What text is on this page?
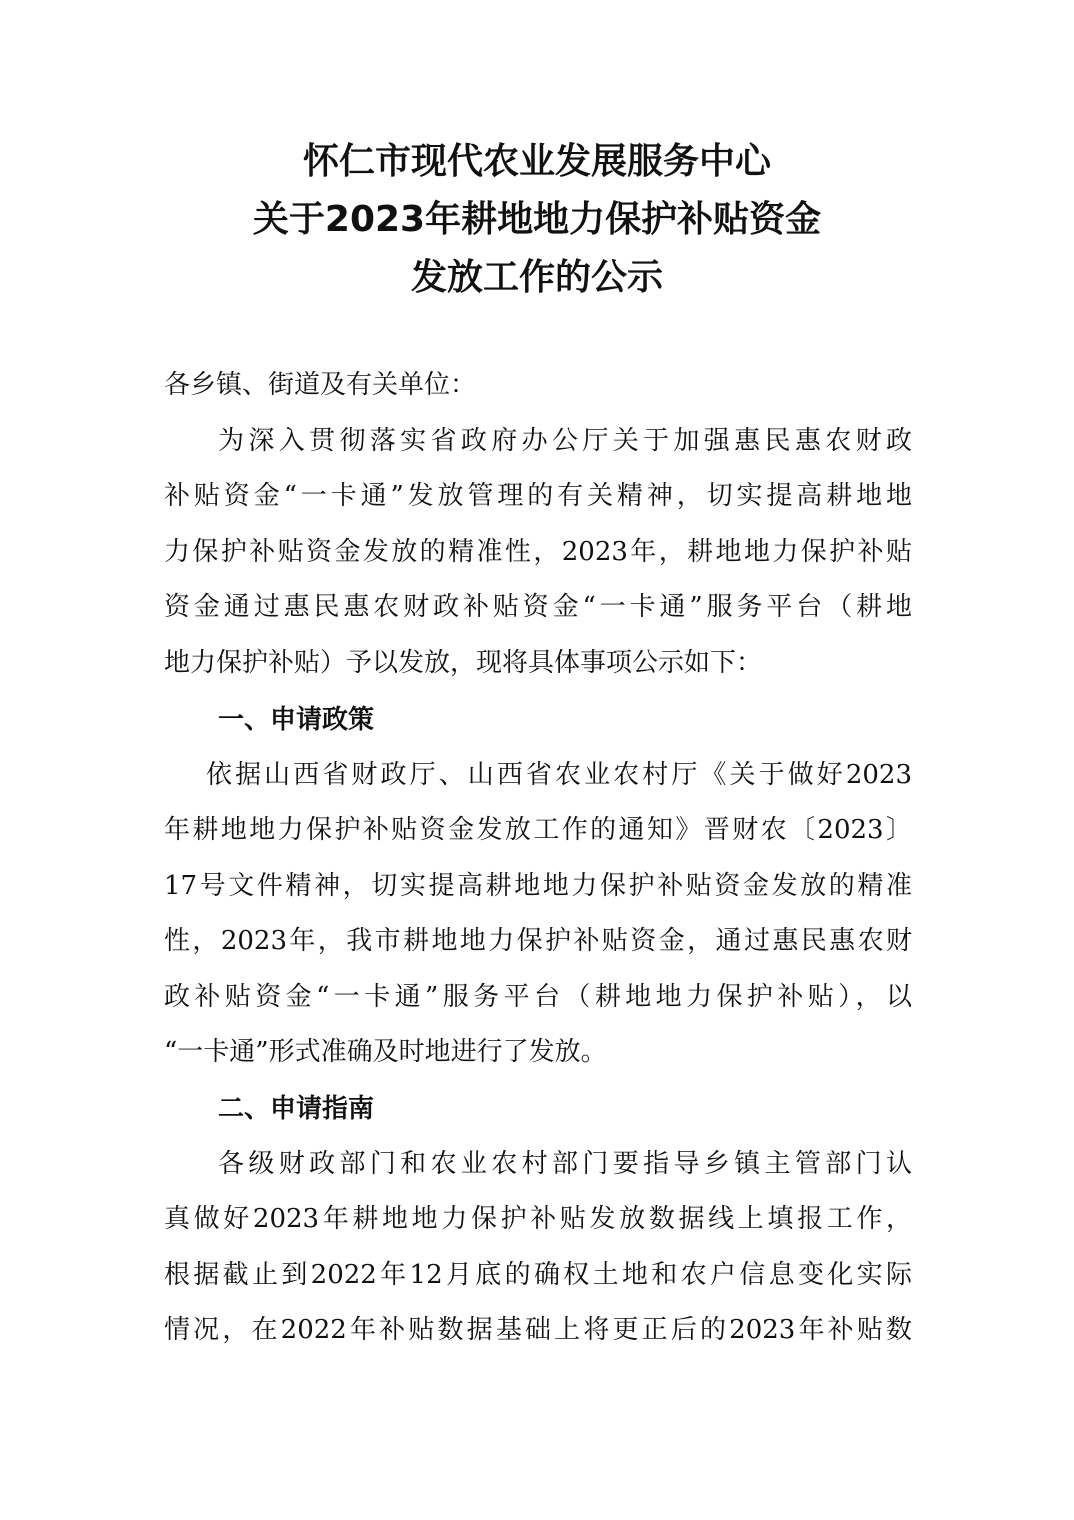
怀仁市现代农业发展服务中心
关于2023年耕地地力保护补贴资金
发放工作的公示
各乡镇、街道及有关单位：
为深入贯彻落实省政府办公厅关于加强惠民惠农财政
补贴资金“一卡通”发放管理的有关精神，切实提高耕地地
力保护补贴资金发放的精准性，2023年，耕地地力保护补贴
资金通过惠民惠农财政补贴资金“一卡通”服务平台（耕地
地力保护补贴）予以发放，现将具体事项公示如下：
一、申请政策
依据山西省财政厅、山西省农业农村厅《关于做好2023
年耕地地力保护补贴资金发放工作的通知》晋财农〔2023〕
17号文件精神，切实提高耕地地力保护补贴资金发放的精准
性，2023年，我市耕地地力保护补贴资金，通过惠民惠农财
政补贴资金“一卡通”服务平台（耕地地力保护补贴），以
“一卡通”形式准确及时地进行了发放。
二、申请指南
各级财政部门和农业农村部门要指导乡镇主管部门认
真做好2023年耕地地力保护补贴发放数据线上填报工作，
根据截止到2022年12月底的确权土地和农户信息变化实际
情况，在2022年补贴数据基础上将更正后的2023年补贴数
